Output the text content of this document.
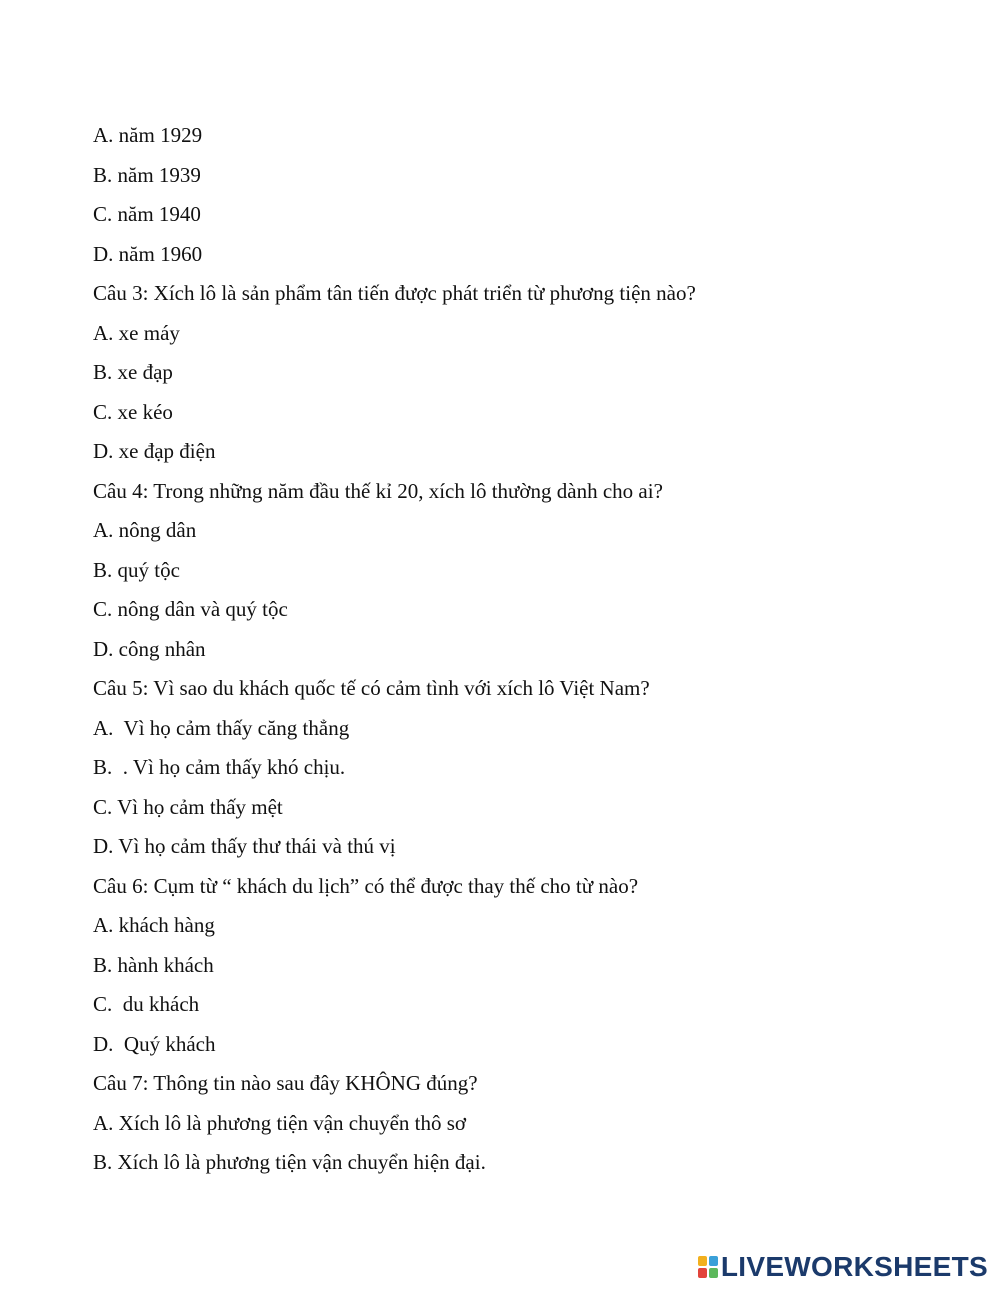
A. năm 1929
B. năm 1939
C. năm 1940
D. năm 1960
Câu 3: Xích lô là sản phẩm tân tiến được phát triển từ phương tiện nào?
A. xe máy
B. xe đạp
C. xe kéo
D. xe đạp điện
Câu 4: Trong những năm đầu thế kỉ 20, xích lô thường dành cho ai?
A. nông dân
B. quý tộc
C. nông dân và quý tộc
D. công nhân
Câu 5: Vì sao du khách quốc tế có cảm tình với xích lô Việt Nam?
A.  Vì họ cảm thấy căng thẳng
B.  . Vì họ cảm thấy khó chịu.
C. Vì họ cảm thấy mệt
D. Vì họ cảm thấy thư thái và thú vị
Câu 6: Cụm từ “ khách du lịch” có thể được thay thế cho từ nào?
A. khách hàng
B. hành khách
C.  du khách
D.  Quý khách
Câu 7: Thông tin nào sau đây KHÔNG đúng?
A. Xích lô là phương tiện vận chuyển thô sơ
B. Xích lô là phương tiện vận chuyển hiện đại.
LIVEWORKSHEETS
